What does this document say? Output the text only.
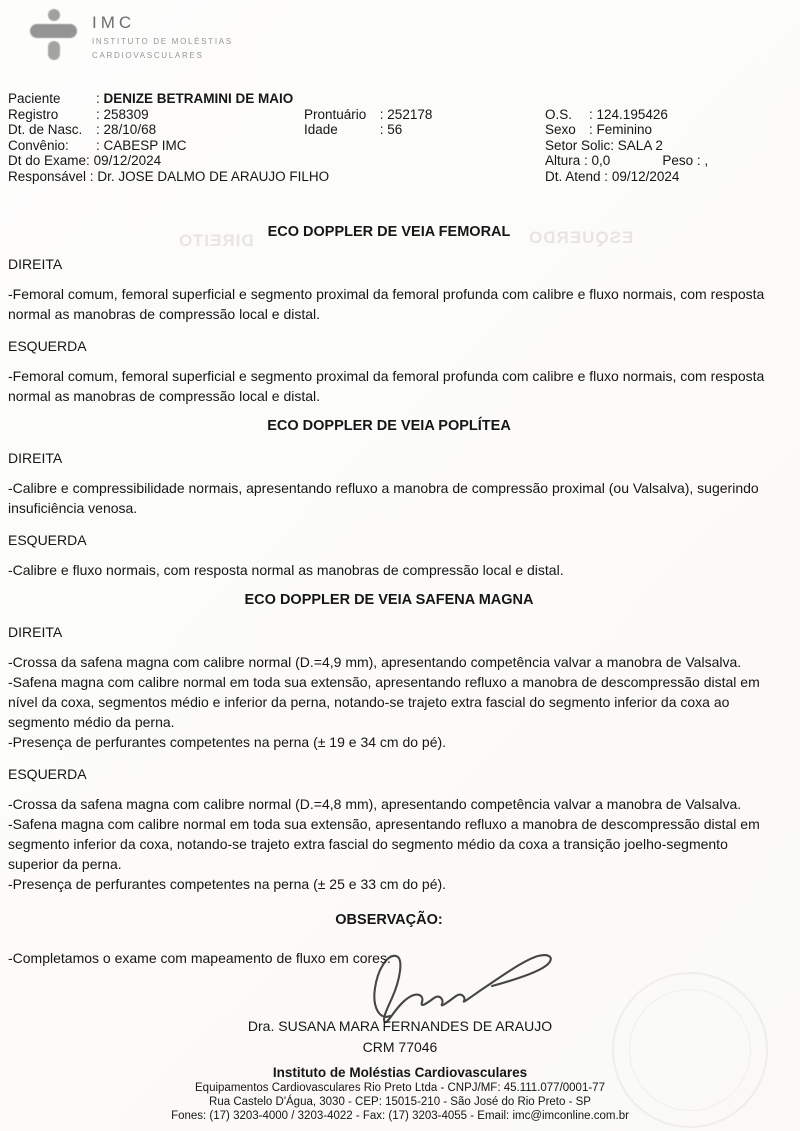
IMC
INSTITUTO DE MOLÉSTIAS
CARDIOVASCULARES
DIREITO	ESQUERDO
Paciente	: DENIZE BETRAMINI DE MAIO
Registro	: 258309	Prontuário : 252178	O.S. : 124.195426
Dt. de Nasc. : 28/10/68	Idade	: 56	Sexo : Feminino
Convênio: : CABESP IMC	Setor Solic: SALA 2
Dt do Exame: 09/12/2024	Altura : 0,0	Peso : ,
Responsável : Dr. JOSE DALMO DE ARAUJO FILHO	Dt. Atend : 09/12/2024
ECO DOPPLER DE VEIA FEMORAL
DIREITA
-Femoral comum, femoral superficial e segmento proximal da femoral profunda com calibre e fluxo normais, com resposta normal as manobras de compressão local e distal.
ESQUERDA
-Femoral comum, femoral superficial e segmento proximal da femoral profunda com calibre e fluxo normais, com resposta normal as manobras de compressão local e distal.
ECO DOPPLER DE VEIA POPLÍTEA
DIREITA
-Calibre e compressibilidade normais, apresentando refluxo a manobra de compressão proximal (ou Valsalva), sugerindo insuficiência venosa.
ESQUERDA
-Calibre e fluxo normais, com resposta normal as manobras de compressão local e distal.
ECO DOPPLER DE VEIA SAFENA MAGNA
DIREITA
-Crossa da safena magna com calibre normal (D.=4,9 mm), apresentando competência valvar a manobra de Valsalva.
-Safena magna com calibre normal em toda sua extensão, apresentando refluxo a manobra de descompressão distal em nível da coxa, segmentos médio e inferior da perna, notando-se trajeto extra fascial do segmento inferior da coxa ao segmento médio da perna.
-Presença de perfurantes competentes na perna (± 19 e 34 cm do pé).
ESQUERDA
-Crossa da safena magna com calibre normal (D.=4,8 mm), apresentando competência valvar a manobra de Valsalva.
-Safena magna com calibre normal em toda sua extensão, apresentando refluxo a manobra de descompressão distal em segmento inferior da coxa, notando-se trajeto extra fascial do segmento médio da coxa a transição joelho-segmento superior da perna.
-Presença de perfurantes competentes na perna (± 25 e 33 cm do pé).
OBSERVAÇÃO:
-Completamos o exame com mapeamento de fluxo em cores.
Dra. SUSANA MARA FERNANDES DE ARAUJO
CRM 77046
Instituto de Moléstias Cardiovasculares
Equipamentos Cardiovasculares Rio Preto Ltda - CNPJ/MF: 45.111.077/0001-77
Rua Castelo D'Água, 3030 - CEP: 15015-210 - São José do Rio Preto - SP
Fones: (17) 3203-4000 / 3203-4022 - Fax: (17) 3203-4055 - Email: imc@imconline.com.br
